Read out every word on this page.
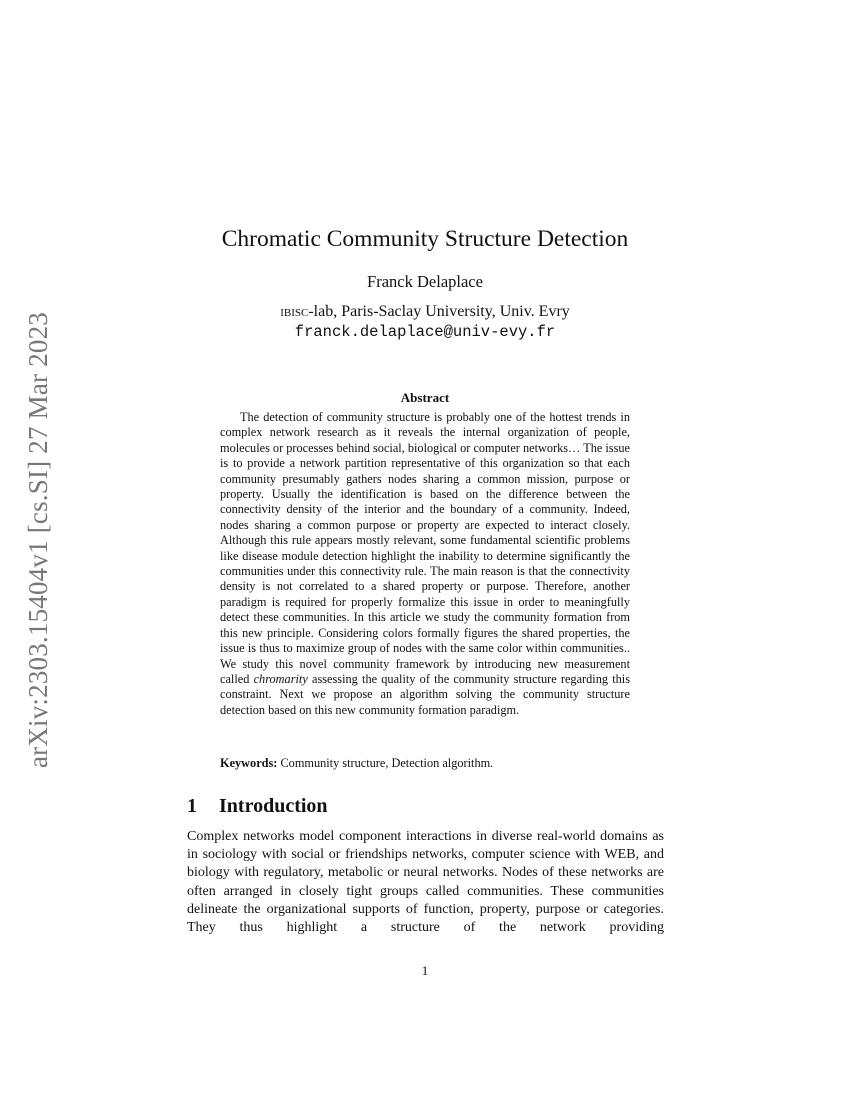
arXiv:2303.15404v1 [cs.SI] 27 Mar 2023
Chromatic Community Structure Detection
Franck Delaplace
ibisc-lab, Paris-Saclay University, Univ. Evry
franck.delaplace@univ-evy.fr
Abstract

The detection of community structure is probably one of the hottest trends in complex network research as it reveals the internal organization of people, molecules or processes behind social, biological or computer networks… The issue is to provide a network partition representative of this organization so that each community presumably gathers nodes sharing a common mission, purpose or property. Usually the identification is based on the difference between the connectivity density of the interior and the boundary of a community. Indeed, nodes sharing a common purpose or property are expected to interact closely. Although this rule appears mostly relevant, some fundamental scientific problems like disease module detection highlight the inability to determine significantly the communities under this connectivity rule. The main reason is that the connectivity density is not correlated to a shared property or purpose. Therefore, another paradigm is required for properly formalize this issue in order to meaningfully detect these communities. In this article we study the community formation from this new principle. Considering colors formally figures the shared properties, the issue is thus to maximize group of nodes with the same color within communities.. We study this novel community framework by introducing new measurement called chromarity assessing the quality of the community structure regarding this constraint. Next we propose an algorithm solving the community structure detection based on this new community formation paradigm.

Keywords: Community structure, Detection algorithm.
1 Introduction

Complex networks model component interactions in diverse real-world domains as in sociology with social or friendships networks, computer science with WEB, and biology with regulatory, metabolic or neural networks. Nodes of these networks are often arranged in closely tight groups called communities. These communities delineate the organizational supports of function, property, purpose or categories. They thus highlight a structure of the network providing

1
